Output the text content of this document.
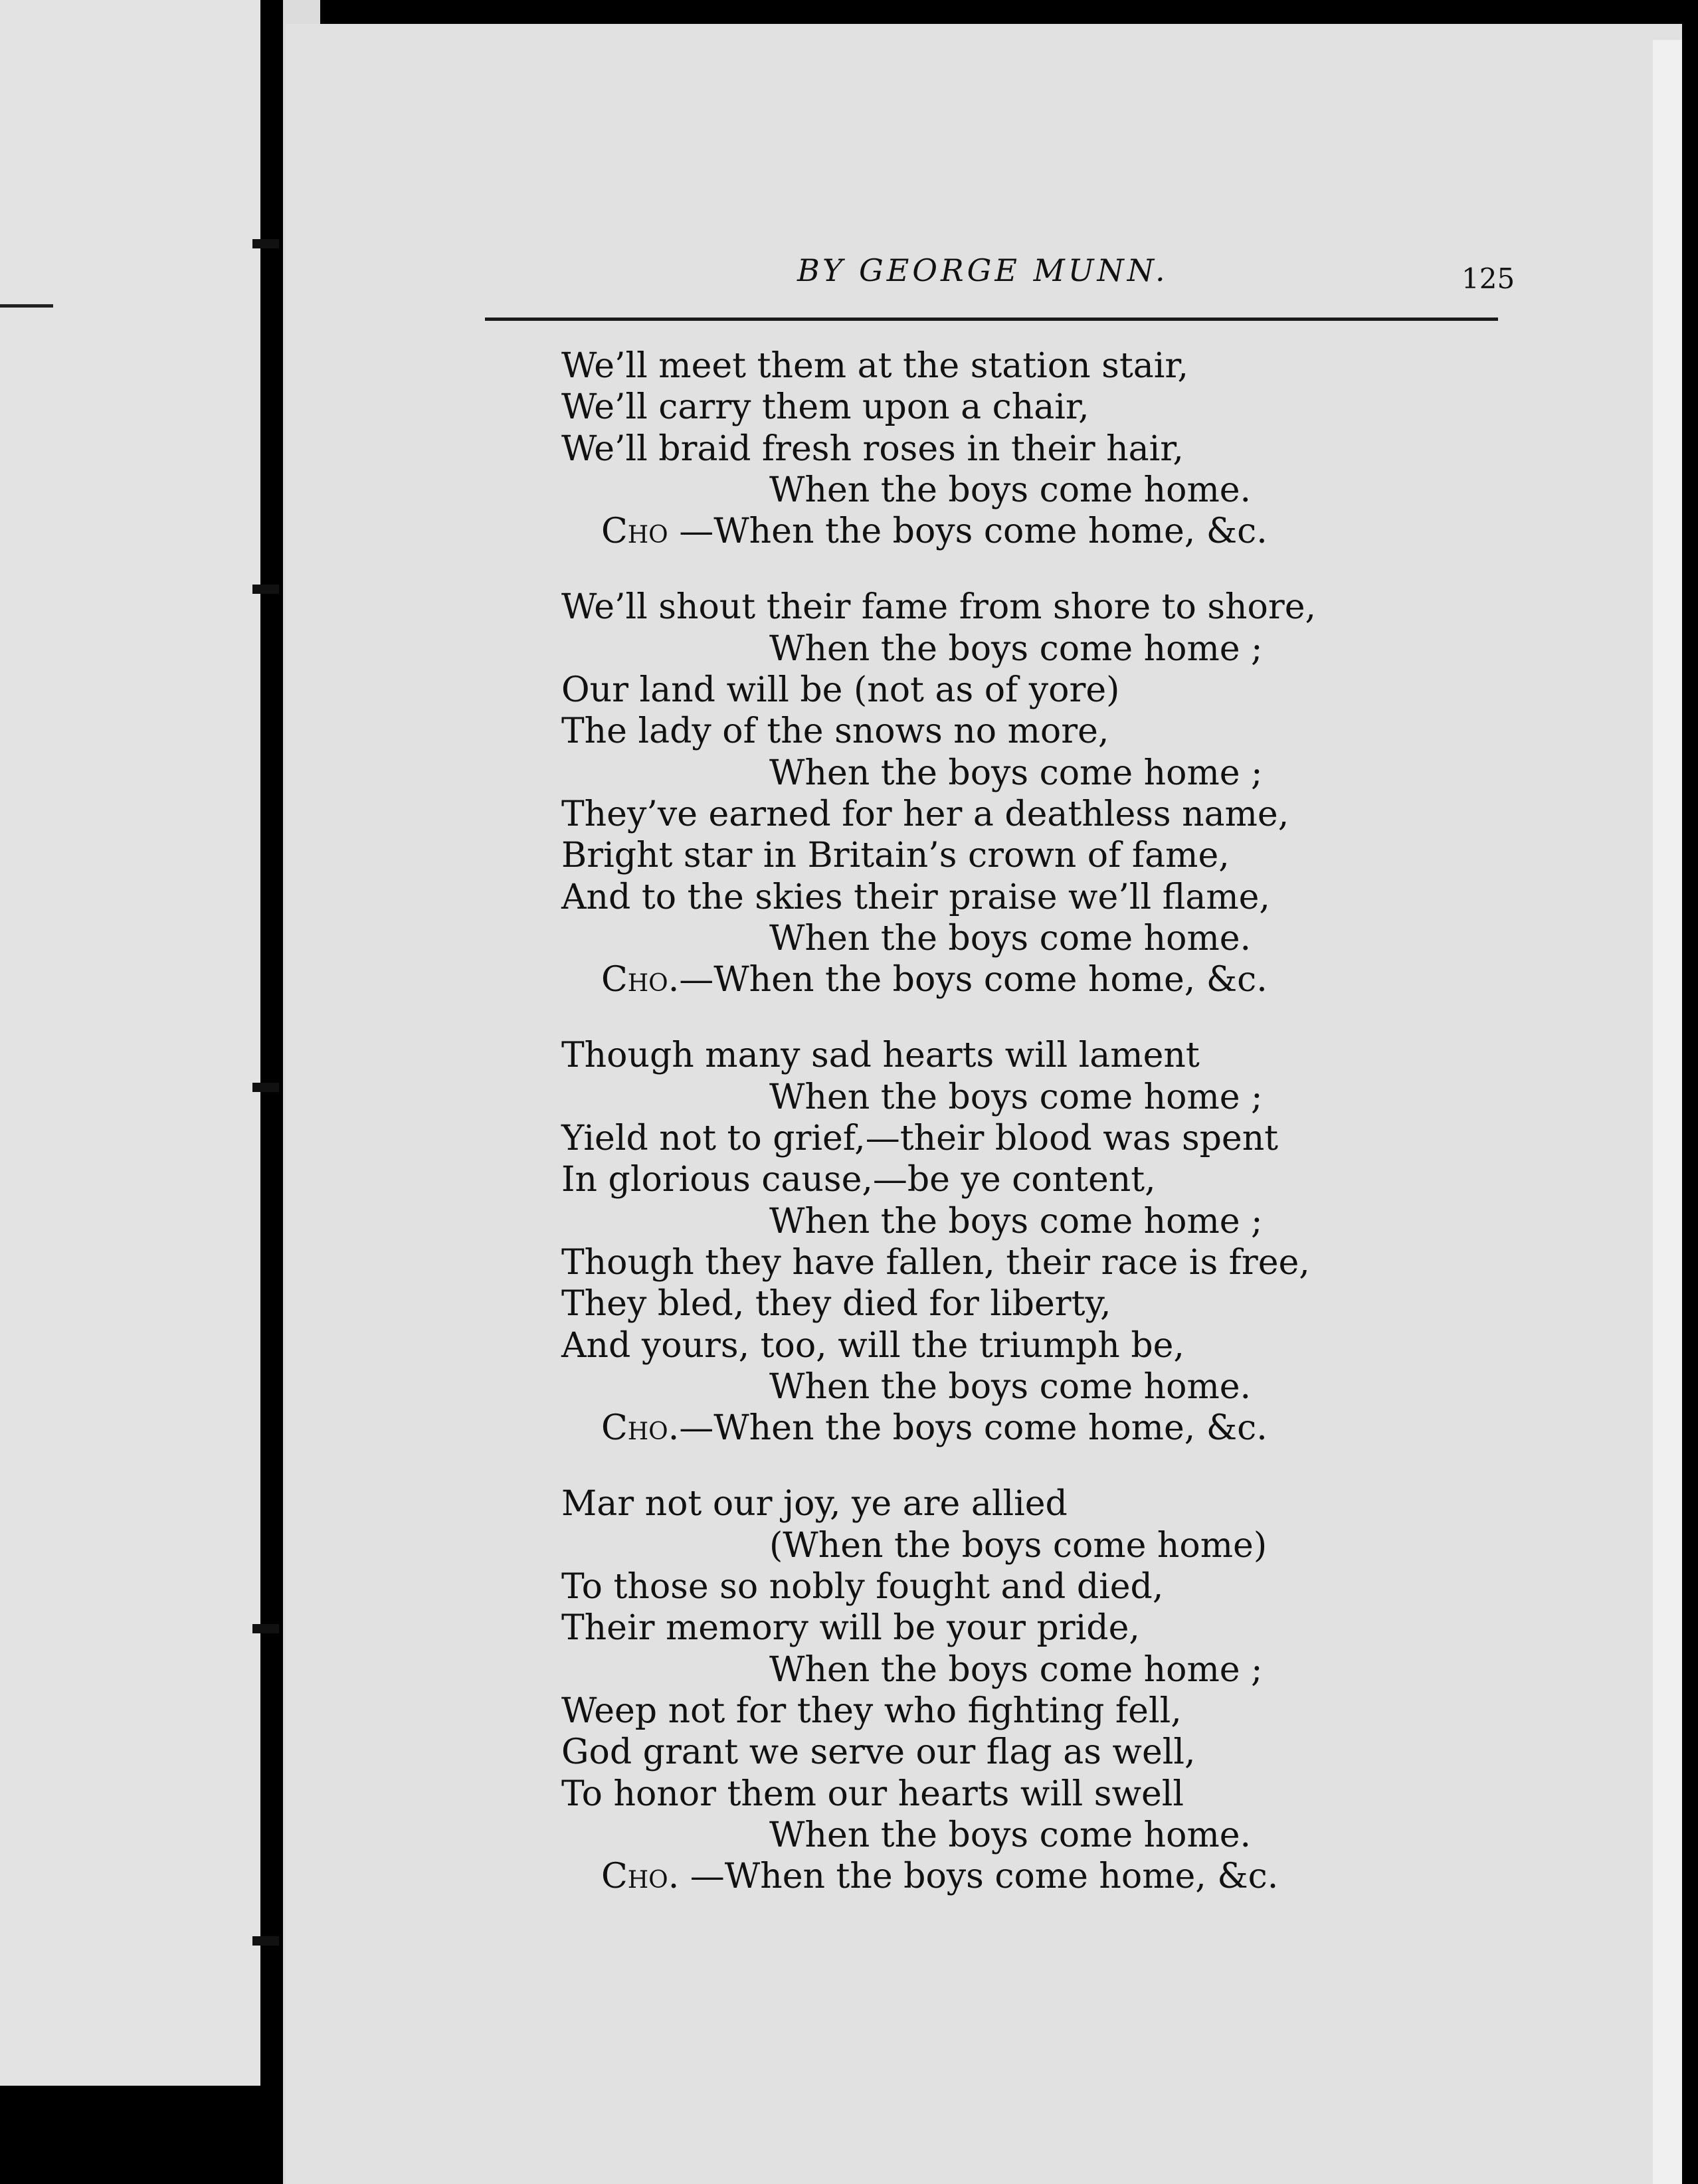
BY GEORGE MUNN.	125
We’ll meet them at the station stair,
We’ll carry them upon a chair,
We’ll braid fresh roses in their hair,
When the boys come home.
Cho —When the boys come home, &c.
We’ll shout their fame from shore to shore,
When the boys come home ;
Our land will be (not as of yore)
The lady of the snows no more,
When the boys come home ;
They’ve earned for her a deathless name,
Bright star in Britain’s crown of fame,
And to the skies their praise we’ll flame,
When the boys come home.
Cho.—When the boys come home, &c.
Though many sad hearts will lament
When the boys come home ;
Yield not to grief,—their blood was spent
In glorious cause,—be ye content,
When the boys come home ;
Though they have fallen, their race is free,
They bled, they died for liberty,
And yours, too, will the triumph be,
When the boys come home.
Cho.—When the boys come home, &c.
Mar not our joy, ye are allied
(When the boys come home)
To those so nobly fought and died,
Their memory will be your pride,
When the boys come home ;
Weep not for they who fighting fell,
God grant we serve our flag as well,
To honor them our hearts will swell
When the boys come home.
Cho. —When the boys come home, &c.
